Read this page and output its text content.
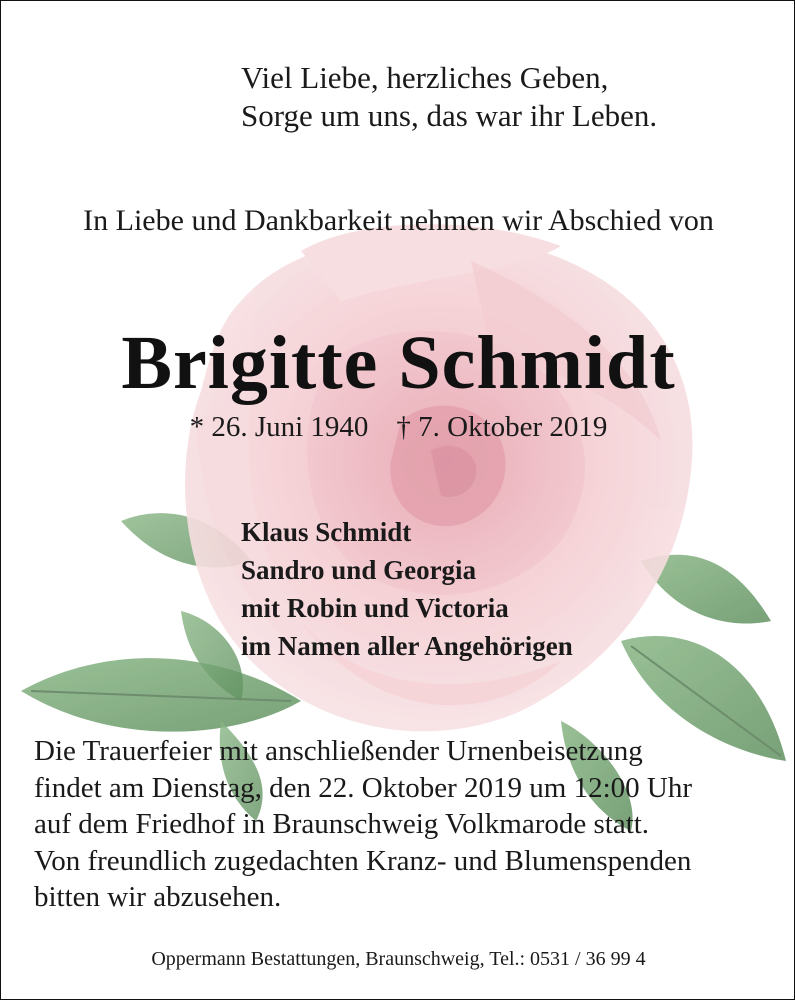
Viel Liebe, herzliches Geben,
Sorge um uns, das war ihr Leben.
In Liebe und Dankbarkeit nehmen wir Abschied von
Brigitte Schmidt
* 26. Juni 1940 † 7. Oktober 2019
Klaus Schmidt
Sandro und Georgia
mit Robin und Victoria
im Namen aller Angehörigen
Die Trauerfeier mit anschließender Urnenbeisetzung
findet am Dienstag, den 22. Oktober 2019 um 12:00 Uhr
auf dem Friedhof in Braunschweig Volkmarode statt.
Von freundlich zugedachten Kranz- und Blumenspenden
bitten wir abzusehen.
Oppermann Bestattungen, Braunschweig, Tel.: 0531 / 36 99 4
